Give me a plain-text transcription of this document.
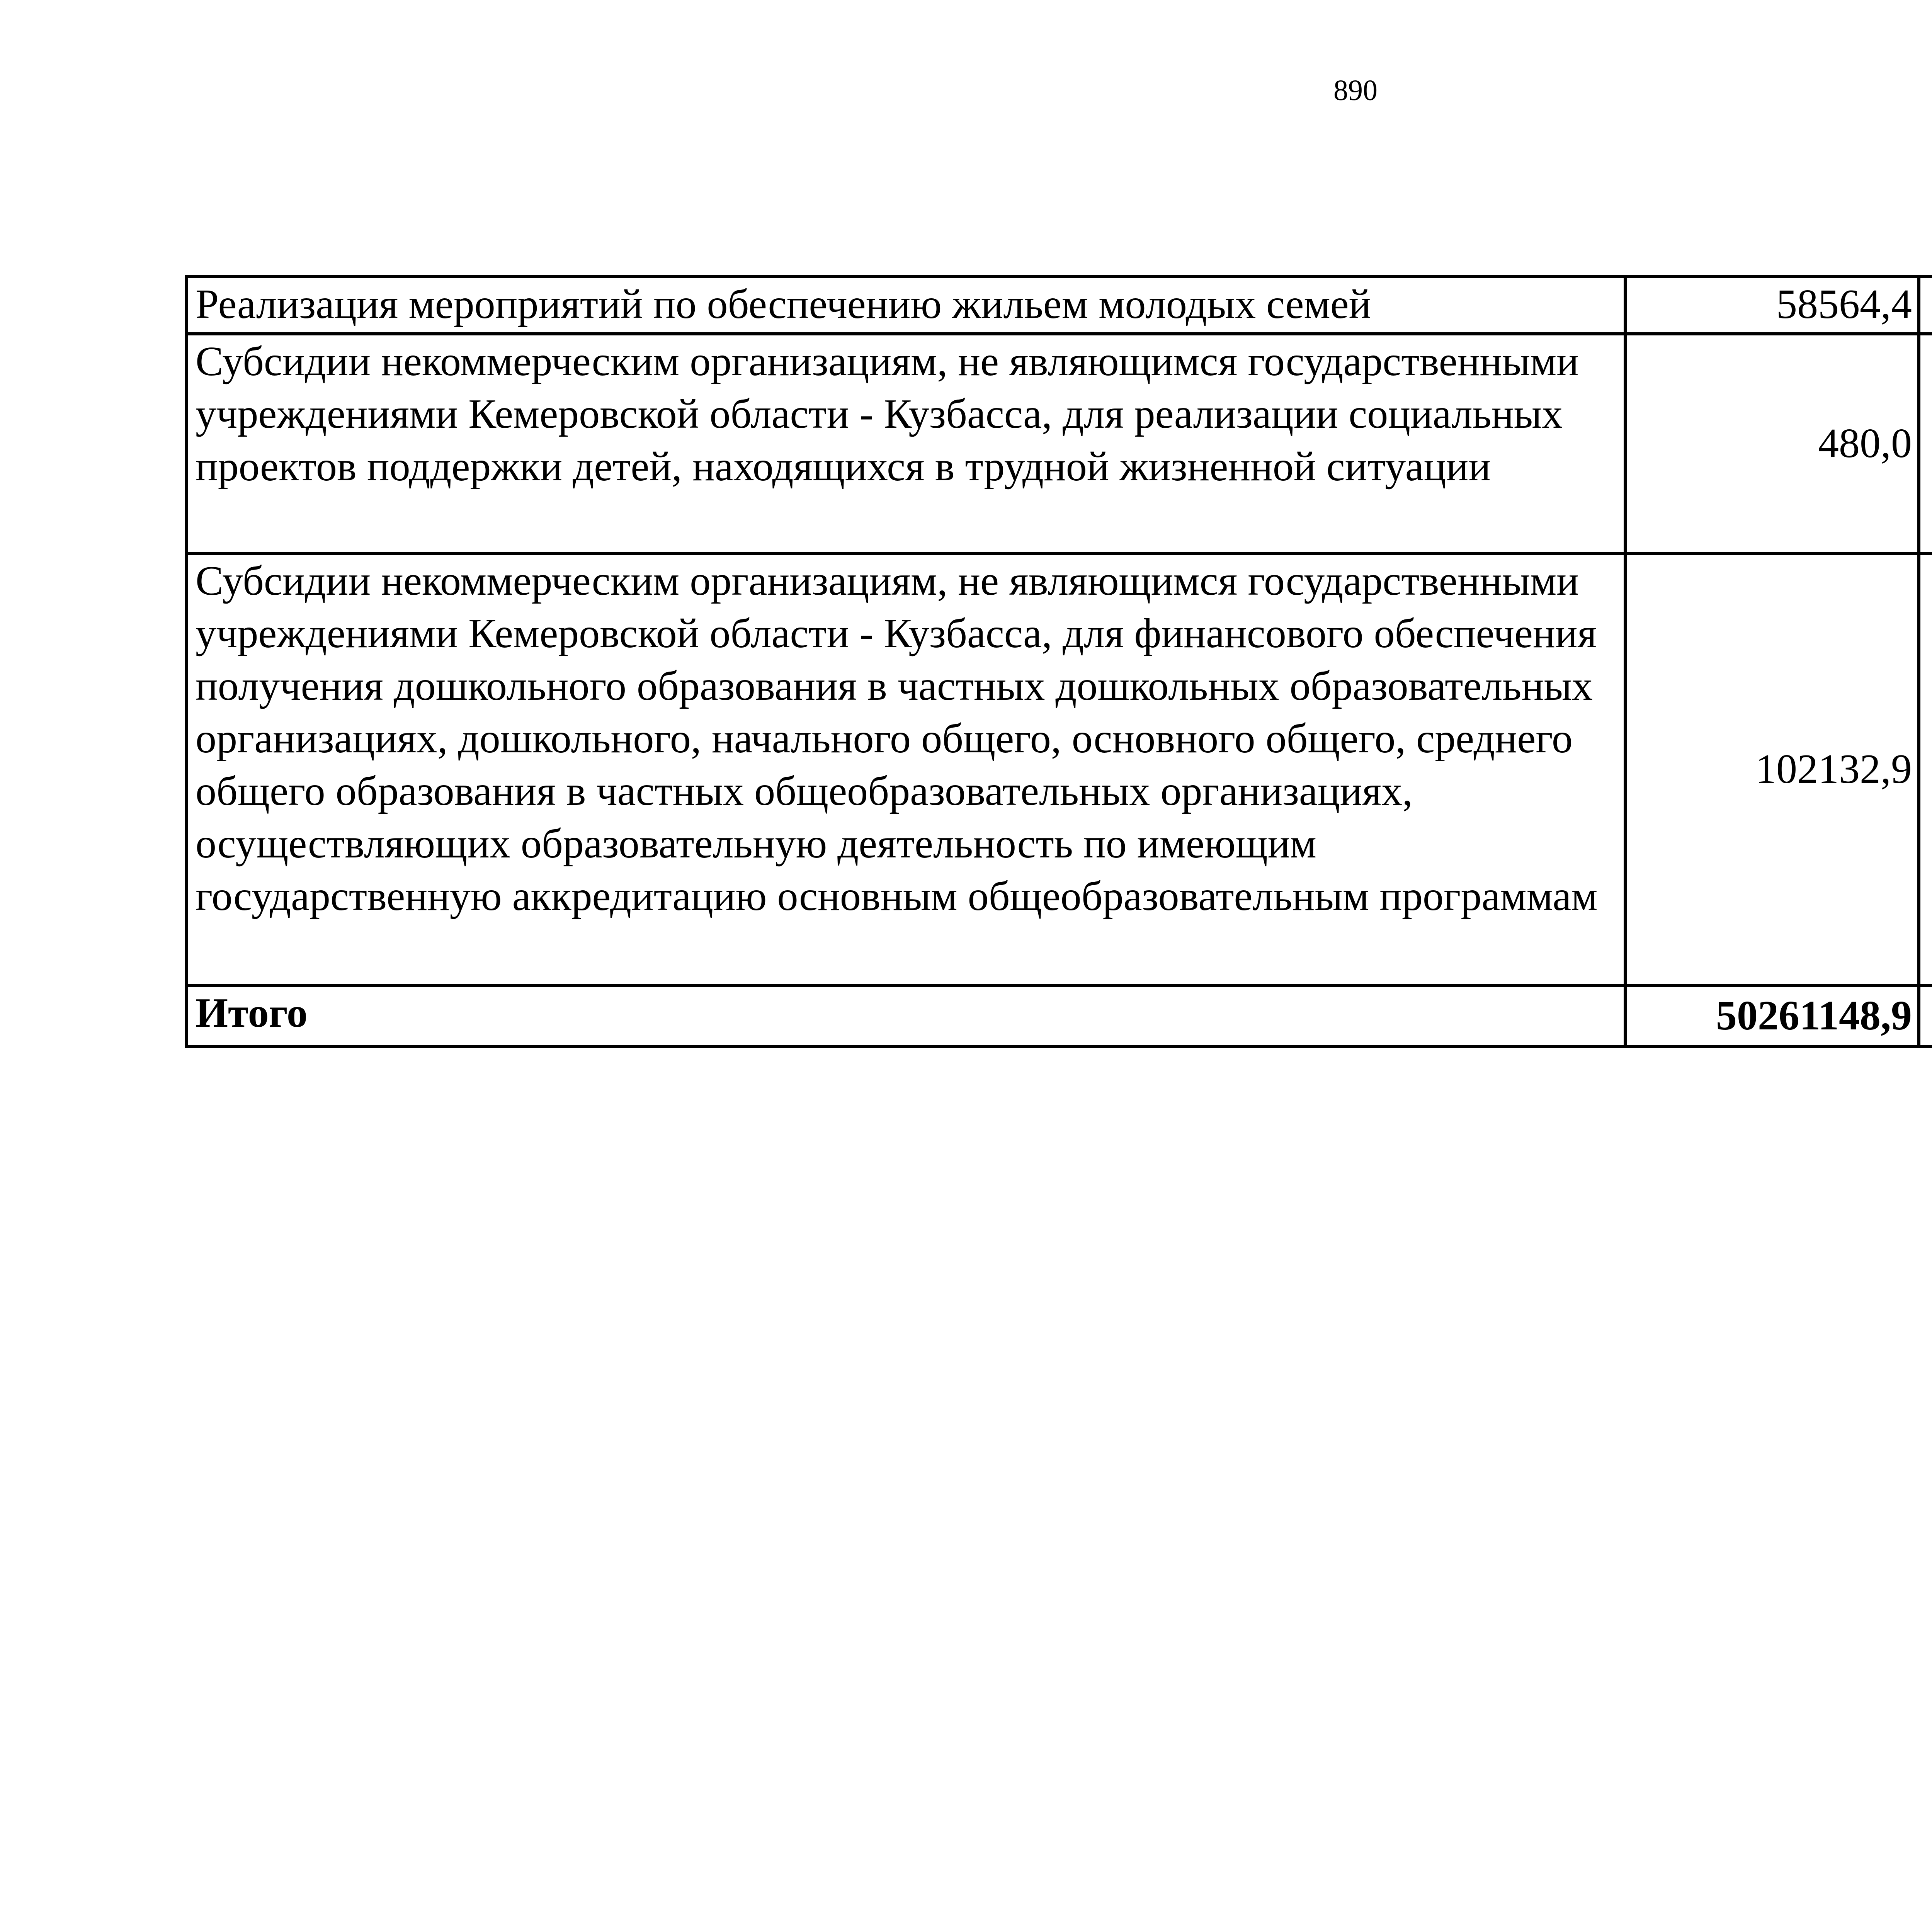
890
Реализация мероприятий по обеспечению жильем молодых семей	58564,4		
Субсидии некоммерческим организациям, не являющимся государственными учреждениями Кемеровской области - Кузбасса, для реализации социальных проектов поддержки детей, находящихся в трудной жизненной ситуации	480,0		
Субсидии некоммерческим организациям, не являющимся государственными учреждениями Кемеровской области - Кузбасса, для финансового обеспечения получения дошкольного образования в частных дошкольных образовательных организациях, дошкольного, начального общего, основного общего, среднего общего образования в частных общеобразовательных организациях, осуществляющих образовательную деятельность по имеющим государственную аккредитацию основным общеобразовательным программам	102132,9		
Итого	50261148,9		
